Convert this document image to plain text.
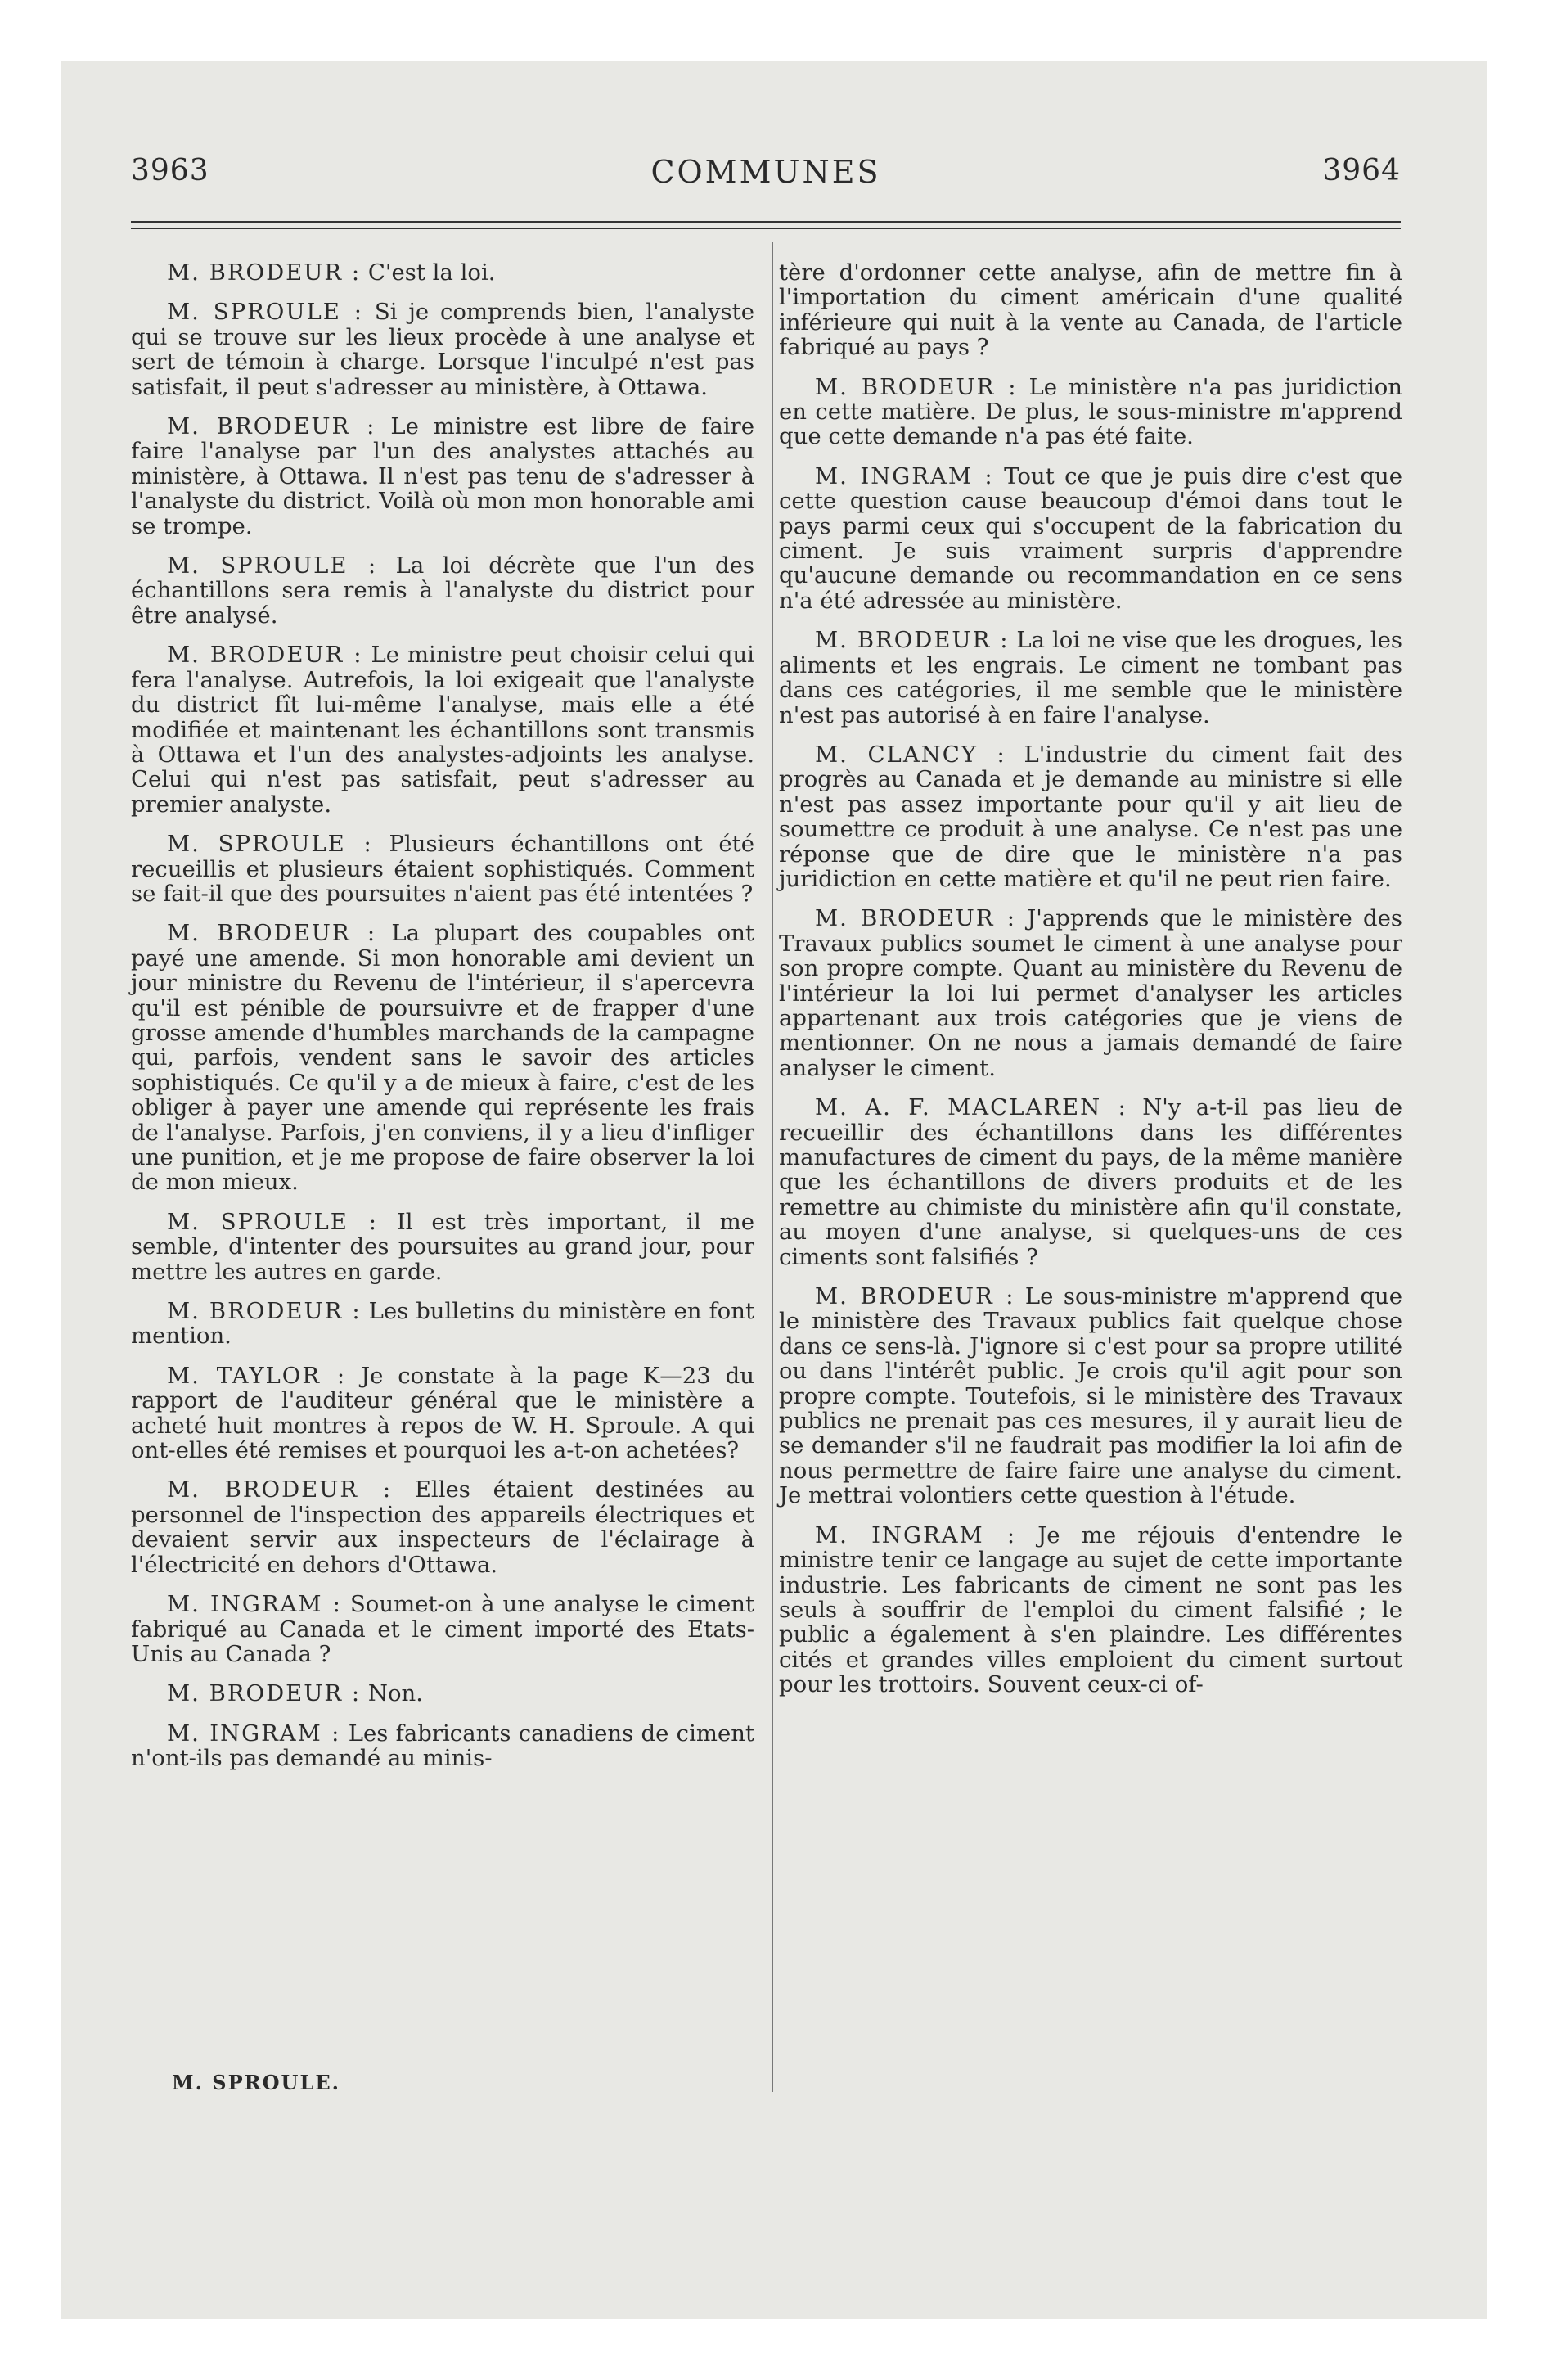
3963	COMMUNES	3964

M. BRODEUR : C'est la loi.

M. SPROULE : Si je comprends bien, l'analyste qui se trouve sur les lieux procède à une analyse et sert de témoin à charge. Lorsque l'inculpé n'est pas satisfait, il peut s'adresser au ministère, à Ottawa.

M. BRODEUR : Le ministre est libre de faire faire l'analyse par l'un des analystes attachés au ministère, à Ottawa. Il n'est pas tenu de s'adresser à l'analyste du district. Voilà où mon mon honorable ami se trompe.

M. SPROULE : La loi décrète que l'un des échantillons sera remis à l'analyste du district pour être analysé.

M. BRODEUR : Le ministre peut choisir celui qui fera l'analyse. Autrefois, la loi exigeait que l'analyste du district fît lui-même l'analyse, mais elle a été modifiée et maintenant les échantillons sont transmis à Ottawa et l'un des analystes-adjoints les analyse. Celui qui n'est pas satisfait, peut s'adresser au premier analyste.

M. SPROULE : Plusieurs échantillons ont été recueillis et plusieurs étaient sophistiqués. Comment se fait-il que des poursuites n'aient pas été intentées ?

M. BRODEUR : La plupart des coupables ont payé une amende. Si mon honorable ami devient un jour ministre du Revenu de l'intérieur, il s'apercevra qu'il est pénible de poursuivre et de frapper d'une grosse amende d'humbles marchands de la campagne qui, parfois, vendent sans le savoir des articles sophistiqués. Ce qu'il y a de mieux à faire, c'est de les obliger à payer une amende qui représente les frais de l'analyse. Parfois, j'en conviens, il y a lieu d'infliger une punition, et je me propose de faire observer la loi de mon mieux.

M. SPROULE : Il est très important, il me semble, d'intenter des poursuites au grand jour, pour mettre les autres en garde.

M. BRODEUR : Les bulletins du ministère en font mention.

M. TAYLOR : Je constate à la page K—23 du rapport de l'auditeur général que le ministère a acheté huit montres à repos de W. H. Sproule. A qui ont-elles été remises et pourquoi les a-t-on achetées?

M. BRODEUR : Elles étaient destinées au personnel de l'inspection des appareils électriques et devaient servir aux inspecteurs de l'éclairage à l'électricité en dehors d'Ottawa.

M. INGRAM : Soumet-on à une analyse le ciment fabriqué au Canada et le ciment importé des Etats-Unis au Canada ?

M. BRODEUR : Non.

M. INGRAM : Les fabricants canadiens de ciment n'ont-ils pas demandé au minis-

tère d'ordonner cette analyse, afin de mettre fin à l'importation du ciment américain d'une qualité inférieure qui nuit à la vente au Canada, de l'article fabriqué au pays ?

M. BRODEUR : Le ministère n'a pas juridiction en cette matière. De plus, le sous-ministre m'apprend que cette demande n'a pas été faite.

M. INGRAM : Tout ce que je puis dire c'est que cette question cause beaucoup d'émoi dans tout le pays parmi ceux qui s'occupent de la fabrication du ciment. Je suis vraiment surpris d'apprendre qu'aucune demande ou recommandation en ce sens n'a été adressée au ministère.

M. BRODEUR : La loi ne vise que les drogues, les aliments et les engrais. Le ciment ne tombant pas dans ces catégories, il me semble que le ministère n'est pas autorisé à en faire l'analyse.

M. CLANCY : L'industrie du ciment fait des progrès au Canada et je demande au ministre si elle n'est pas assez importante pour qu'il y ait lieu de soumettre ce produit à une analyse. Ce n'est pas une réponse que de dire que le ministère n'a pas juridiction en cette matière et qu'il ne peut rien faire.

M. BRODEUR : J'apprends que le ministère des Travaux publics soumet le ciment à une analyse pour son propre compte. Quant au ministère du Revenu de l'intérieur la loi lui permet d'analyser les articles appartenant aux trois catégories que je viens de mentionner. On ne nous a jamais demandé de faire analyser le ciment.

M. A. F. MACLAREN : N'y a-t-il pas lieu de recueillir des échantillons dans les différentes manufactures de ciment du pays, de la même manière que les échantillons de divers produits et de les remettre au chimiste du ministère afin qu'il constate, au moyen d'une analyse, si quelques-uns de ces ciments sont falsifiés ?

M. BRODEUR : Le sous-ministre m'apprend que le ministère des Travaux publics fait quelque chose dans ce sens-là. J'ignore si c'est pour sa propre utilité ou dans l'intérêt public. Je crois qu'il agit pour son propre compte. Toutefois, si le ministère des Travaux publics ne prenait pas ces mesures, il y aurait lieu de se demander s'il ne faudrait pas modifier la loi afin de nous permettre de faire faire une analyse du ciment. Je mettrai volontiers cette question à l'étude.

M. INGRAM : Je me réjouis d'entendre le ministre tenir ce langage au sujet de cette importante industrie. Les fabricants de ciment ne sont pas les seuls à souffrir de l'emploi du ciment falsifié ; le public a également à s'en plaindre. Les différentes cités et grandes villes emploient du ciment surtout pour les trottoirs. Souvent ceux-ci of-

M. SPROULE.
